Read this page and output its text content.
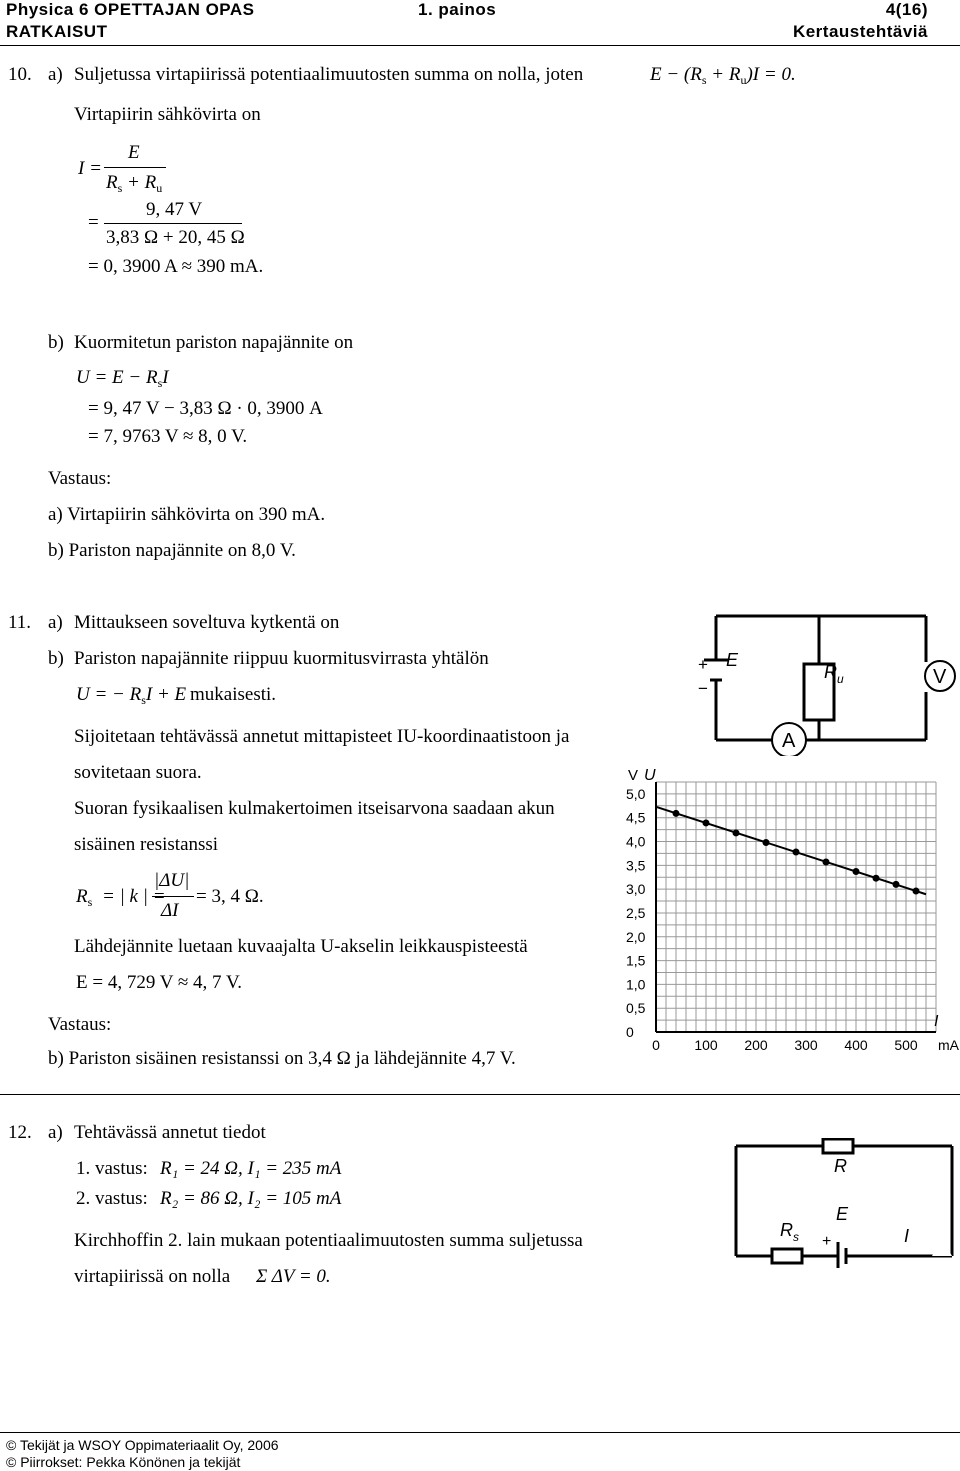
Physica 6 OPETTAJAN OPAS	1. painos	4(16)
RATKAISUT	Kertaustehtäviä
10. a) Suljetussa virtapiirissä potentiaalimuutosten summa on nolla, joten	$E - (R_s + R_u)I = 0$.
Virtapiirin sähkövirta on
I =
E
$R_s + R_u$
=
9, 47 V
3,83 Ω + 20, 45 Ω
= 0, 3900 A ≈ 390 mA.
b) Kuormitetun pariston napajännite on
$U = E - R_sI$
= 9, 47 V − 3,83 Ω · 0, 3900 A
= 7, 9763 V ≈ 8, 0 V.
Vastaus:
a) Virtapiirin sähkövirta on 390 mA.
b) Pariston napajännite on 8,0 V.
11. a) Mittaukseen soveltuva kytkentä on
b) Pariston napajännite riippuu kuormitusvirrasta yhtälön
U = − $R_sI + E$ mukaisesti.
Sijoitetaan tehtävässä annetut mittapisteet IU-koordinaatistoon ja
sovitetaan suora.
Suoran fysikaalisen kulmakertoimen itseisarvona saadaan akun
sisäinen resistanssi
$R_s$ = | k | =
|ΔU|
ΔI
= 3, 4 Ω.
Lähdejännite luetaan kuvaajalta U-akselin leikkauspisteestä
E = 4, 729 V ≈ 4, 7 V.
Vastaus:
b) Pariston sisäinen resistanssi on 3,4 Ω ja lähdejännite 4,7 V.
+
−
E
$R_u$	V
A
0
0,5
1,0
1,5
2,0
2,5
3,0
3,5
4,0
4,5
5,0
0 100 200 300 400 500
V U
I
mA
12. a) Tehtävässä annetut tiedot
1. vastus: R₁ = 24 Ω, I₁ = 235 mA
2. vastus: R₂ = 86 Ω, I₂ = 105 mA
Kirchhoffin 2. lain mukaan potentiaalimuutosten summa suljetussa
virtapiirissä on nolla Σ ΔV = 0.
R
$R_s$ +
E
I
© Tekijät ja WSOY Oppimateriaalit Oy, 2006
© Piirrokset: Pekka Könönen ja tekijät
